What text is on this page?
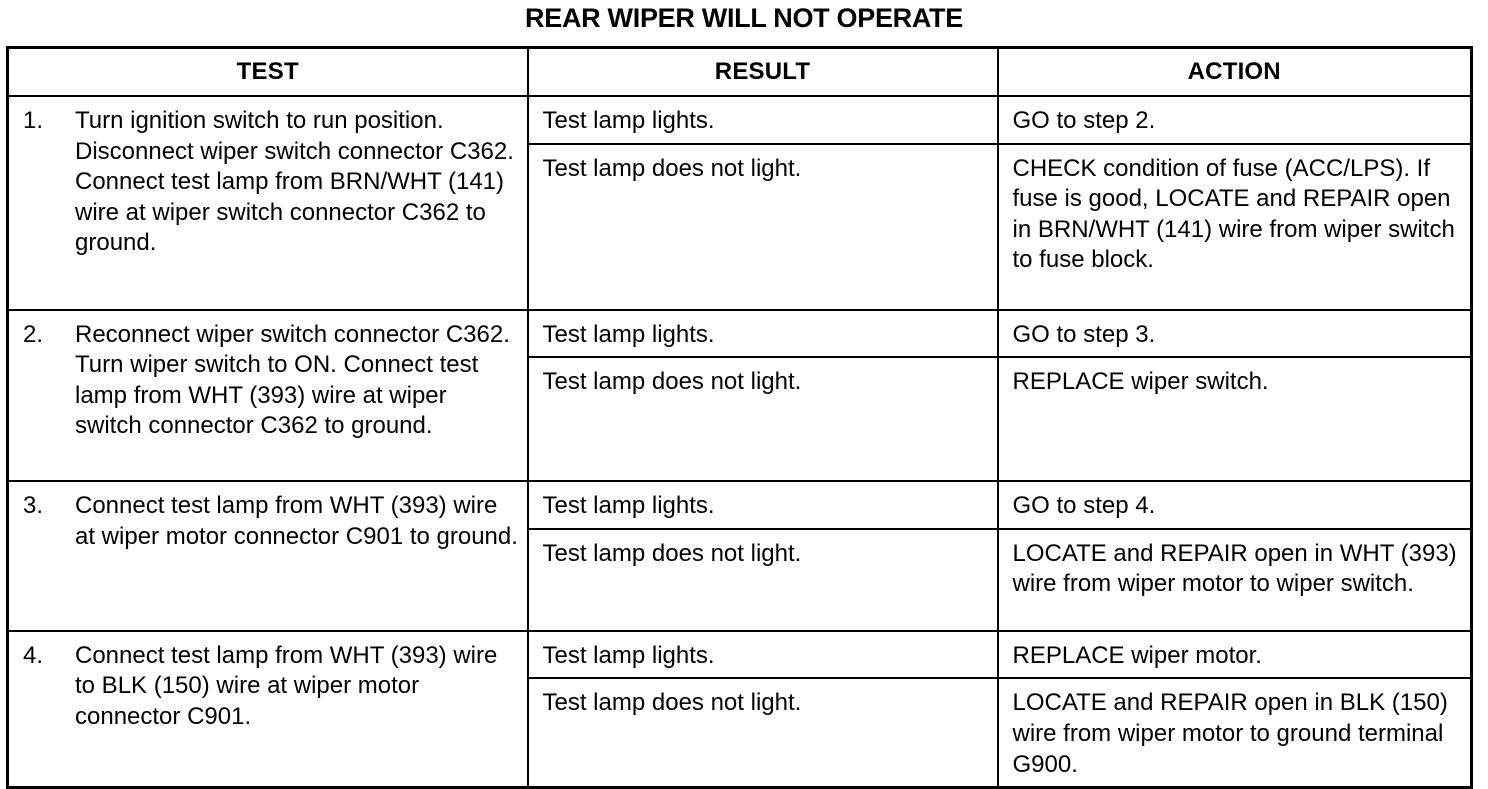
REAR WIPER WILL NOT OPERATE
TEST	RESULT	ACTION

1. Turn ignition switch to run position. Disconnect wiper switch connector C362. Connect test lamp from BRN/WHT (141) wire at wiper switch connector C362 to ground.	Test lamp lights.	GO to step 2.

	Test lamp does not light.	CHECK condition of fuse (ACC/LPS). If fuse is good, LOCATE and REPAIR open in BRN/WHT (141) wire from wiper switch to fuse block.

2. Reconnect wiper switch connector C362. Turn wiper switch to ON. Connect test lamp from WHT (393) wire at wiper switch connector C362 to ground.	Test lamp lights.	GO to step 3.

	Test lamp does not light.	REPLACE wiper switch.

3. Connect test lamp from WHT (393) wire at wiper motor connector C901 to ground.	Test lamp lights.	GO to step 4.

	Test lamp does not light.	LOCATE and REPAIR open in WHT (393) wire from wiper motor to wiper switch.

4. Connect test lamp from WHT (393) wire to BLK (150) wire at wiper motor connector C901.	Test lamp lights.	REPLACE wiper motor.

	Test lamp does not light.	LOCATE and REPAIR open in BLK (150) wire from wiper motor to ground terminal G900.
